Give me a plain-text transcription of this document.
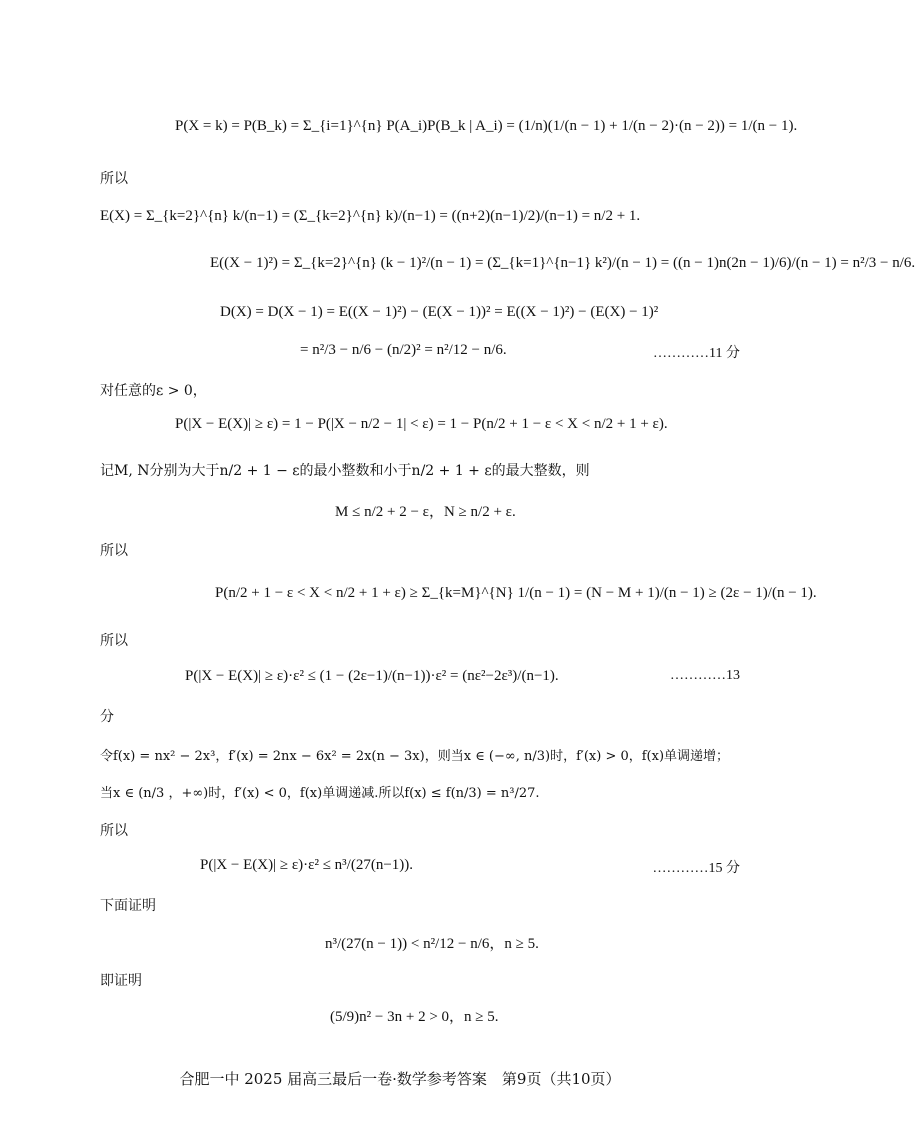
P(X = k) = P(B_k) = Σ_{i=1}^{n} P(A_i)P(B_k | A_i) = (1/n)(1/(n − 1) + 1/(n − 2)·(n − 2)) = 1/(n − 1).
所以
E(X) = Σ_{k=2}^{n} k/(n−1) = (Σ_{k=2}^{n} k)/(n−1) = ((n+2)(n−1)/2)/(n−1) = n/2 + 1.
E((X − 1)²) = Σ_{k=2}^{n} (k − 1)²/(n − 1) = (Σ_{k=1}^{n−1} k²)/(n − 1) = ((n − 1)n(2n − 1)/6)/(n − 1) = n²/3 − n/6.
D(X) = D(X − 1) = E((X − 1)²) − (E(X − 1))² = E((X − 1)²) − (E(X) − 1)²
= n²/3 − n/6 − (n/2)² = n²/12 − n/6.	…………11 分
对任意的ε > 0，
P(|X − E(X)| ≥ ε) = 1 − P(|X − n/2 − 1| < ε) = 1 − P(n/2 + 1 − ε < X < n/2 + 1 + ε).
记M, N分别为大于n/2 + 1 − ε的最小整数和小于n/2 + 1 + ε的最大整数，则
M ≤ n/2 + 2 − ε，N ≥ n/2 + ε.
所以
P(n/2 + 1 − ε < X < n/2 + 1 + ε) ≥ Σ_{k=M}^{N} 1/(n − 1) = (N − M + 1)/(n − 1) ≥ (2ε − 1)/(n − 1).
所以
P(|X − E(X)| ≥ ε)·ε² ≤ (1 − (2ε−1)/(n−1))·ε² = (nε²−2ε³)/(n−1).	…………13
分
令f(x) = nx² − 2x³，f′(x) = 2nx − 6x² = 2x(n − 3x)，则当x ∈ (−∞, n/3)时，f′(x) > 0，f(x)单调递增；
当x ∈ (n/3 ，+∞)时，f′(x) < 0，f(x)单调递减.所以f(x) ≤ f(n/3) = n³/27.
所以
P(|X − E(X)| ≥ ε)·ε² ≤ n³/(27(n−1)).	…………15 分
下面证明
n³/(27(n − 1)) < n²/12 − n/6，n ≥ 5.
即证明
(5/9)n² − 3n + 2 > 0，n ≥ 5.
合肥一中 2025 届高三最后一卷·数学参考答案　第9页（共10页）
